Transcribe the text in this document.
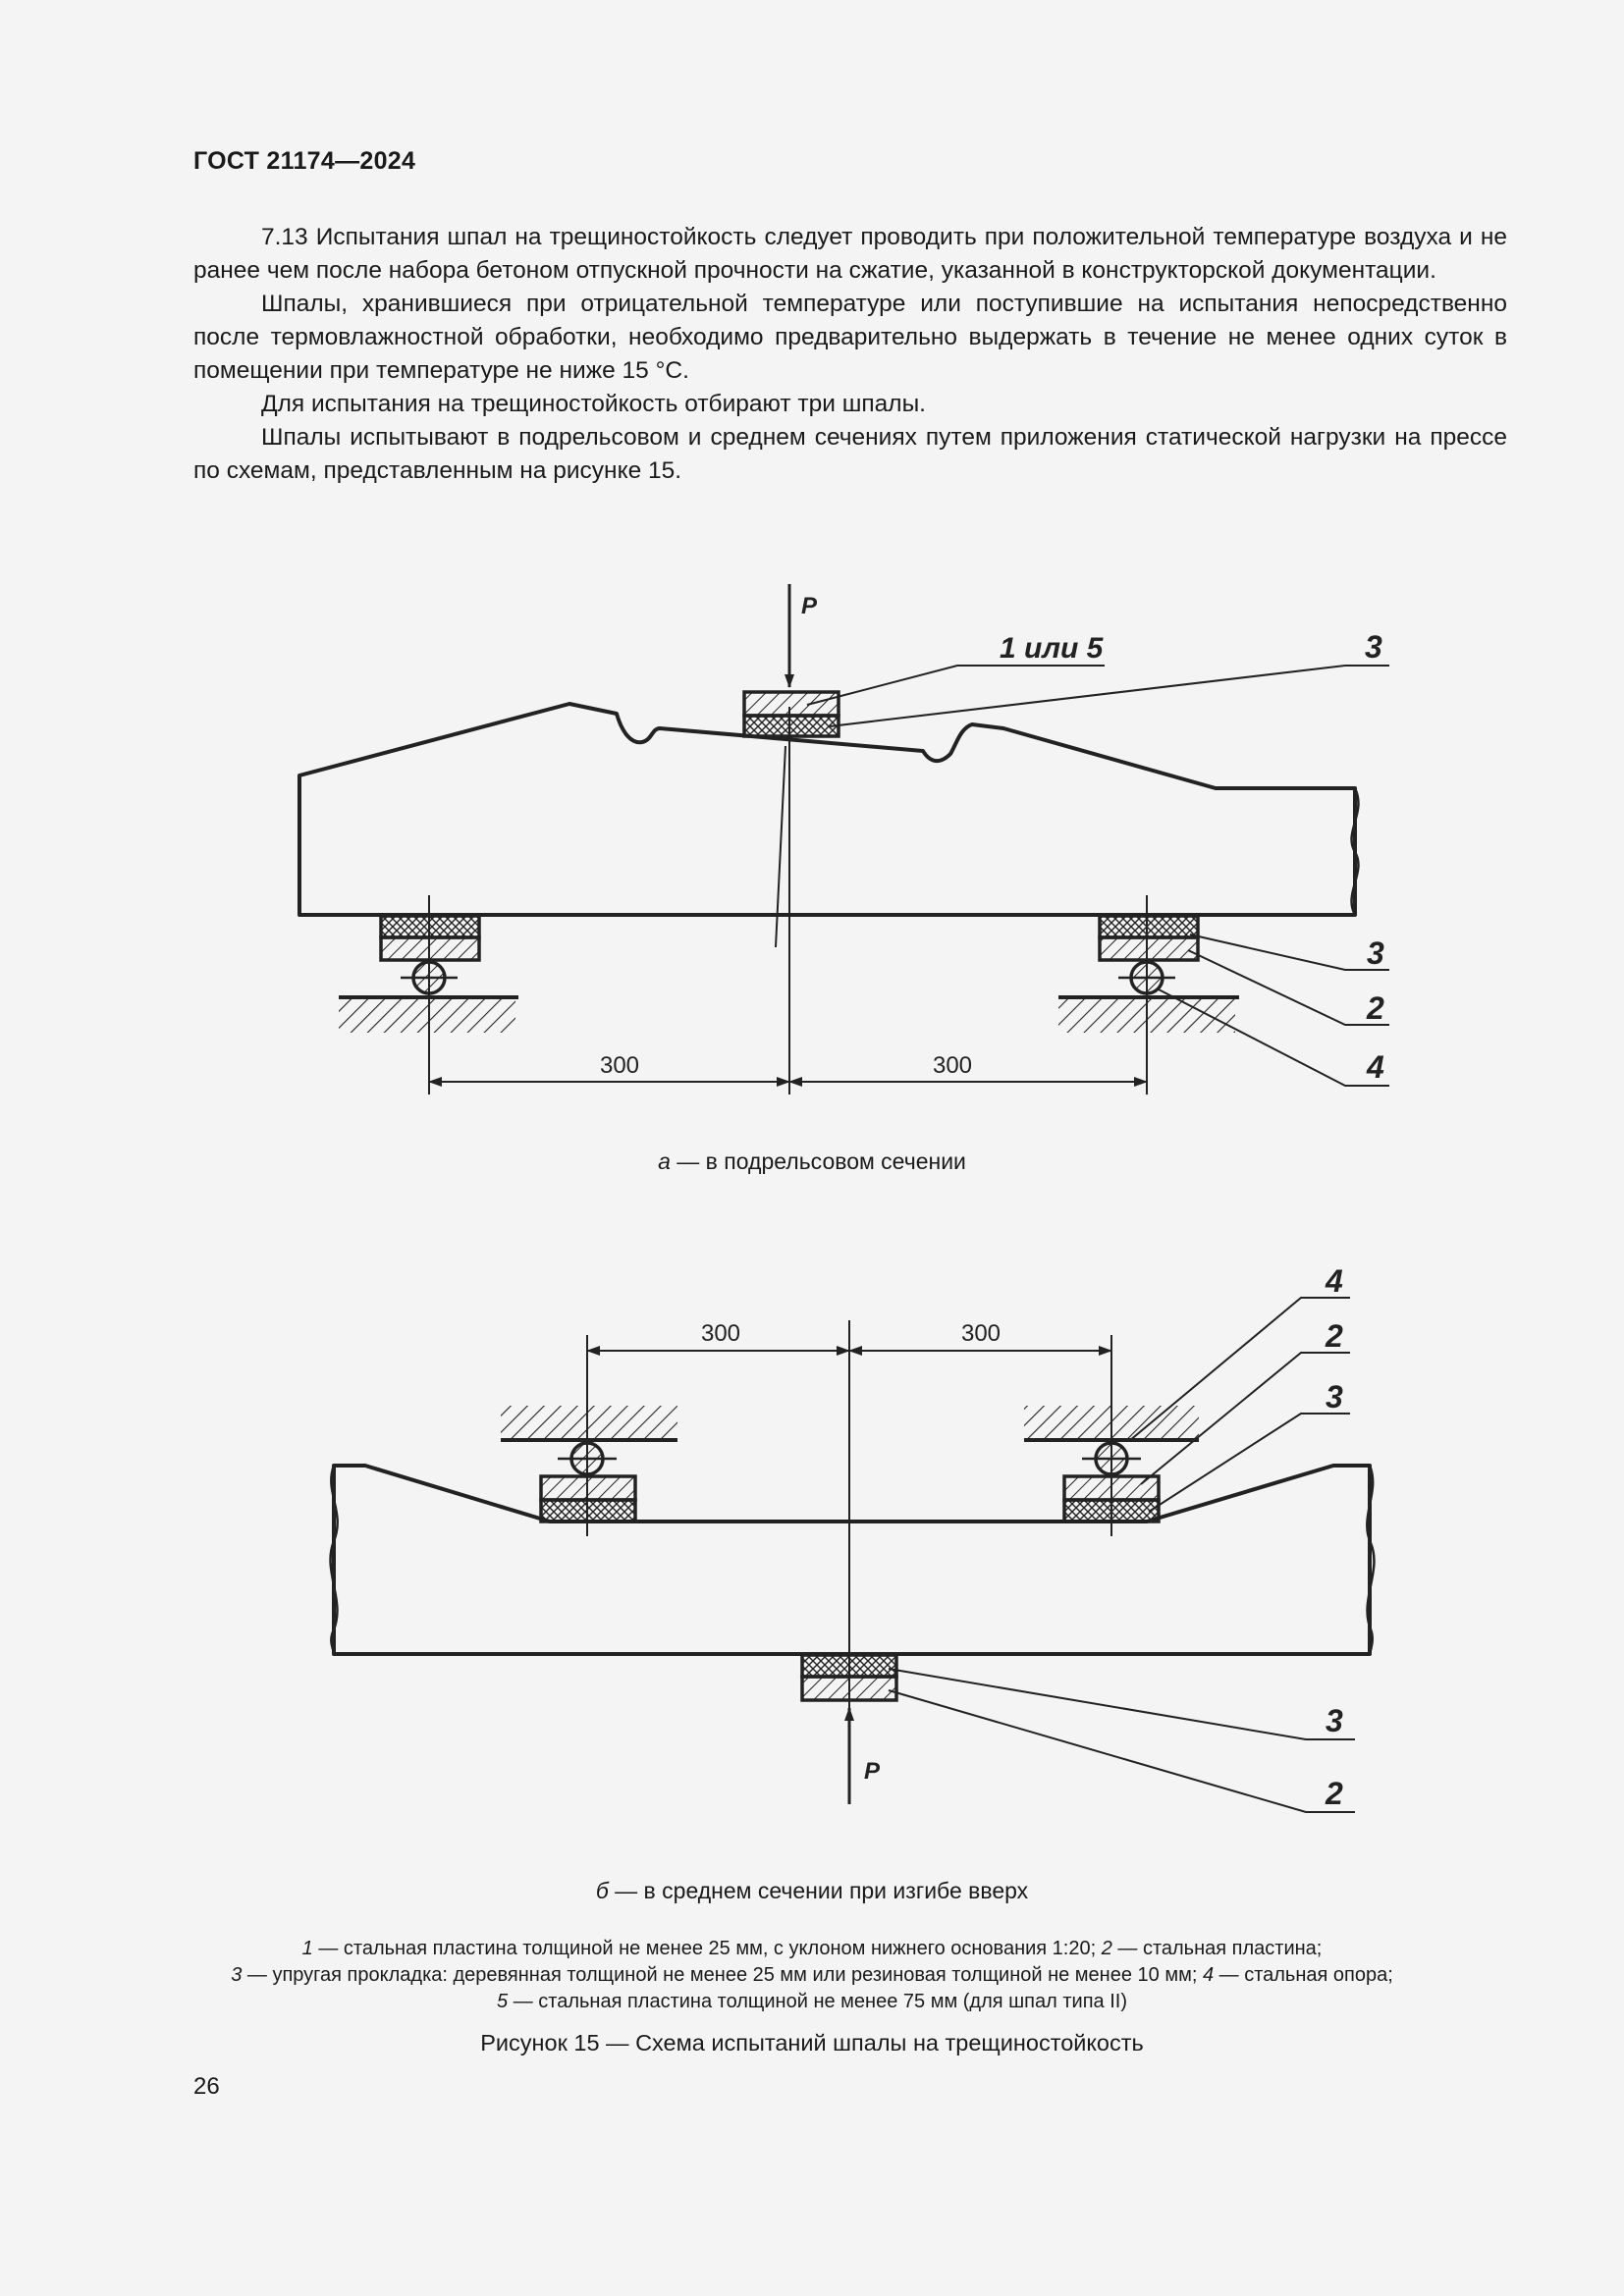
ГОСТ 21174—2024

7.13 Испытания шпал на трещиностойкость следует проводить при положительной температуре воздуха и не ранее чем после набора бетоном отпускной прочности на сжатие, указанной в конструкторской документации.

Шпалы, хранившиеся при отрицательной температуре или поступившие на испытания непосредственно после термовлажностной обработки, необходимо предварительно выдержать в течение не менее одних суток в помещении при температуре не ниже 15 °С.

Для испытания на трещиностойкость отбирают три шпалы.

Шпалы испытывают в подрельсовом и среднем сечениях путем приложения статической нагрузки на прессе по схемам, представленным на рисунке 15.

P
300	300
1 или 5	3
3
2
4
300	300
P
4
2
3
3
2
а — в подрельсовом сечении
б — в среднем сечении при изгибе вверх
1 — стальная пластина толщиной не менее 25 мм, с уклоном нижнего основания 1:20; 2 — стальная пластина;
3 — упругая прокладка: деревянная толщиной не менее 25 мм или резиновая толщиной не менее 10 мм; 4 — стальная опора;
5 — стальная пластина толщиной не менее 75 мм (для шпал типа II)
Рисунок 15 — Схема испытаний шпалы на трещиностойкость
26
